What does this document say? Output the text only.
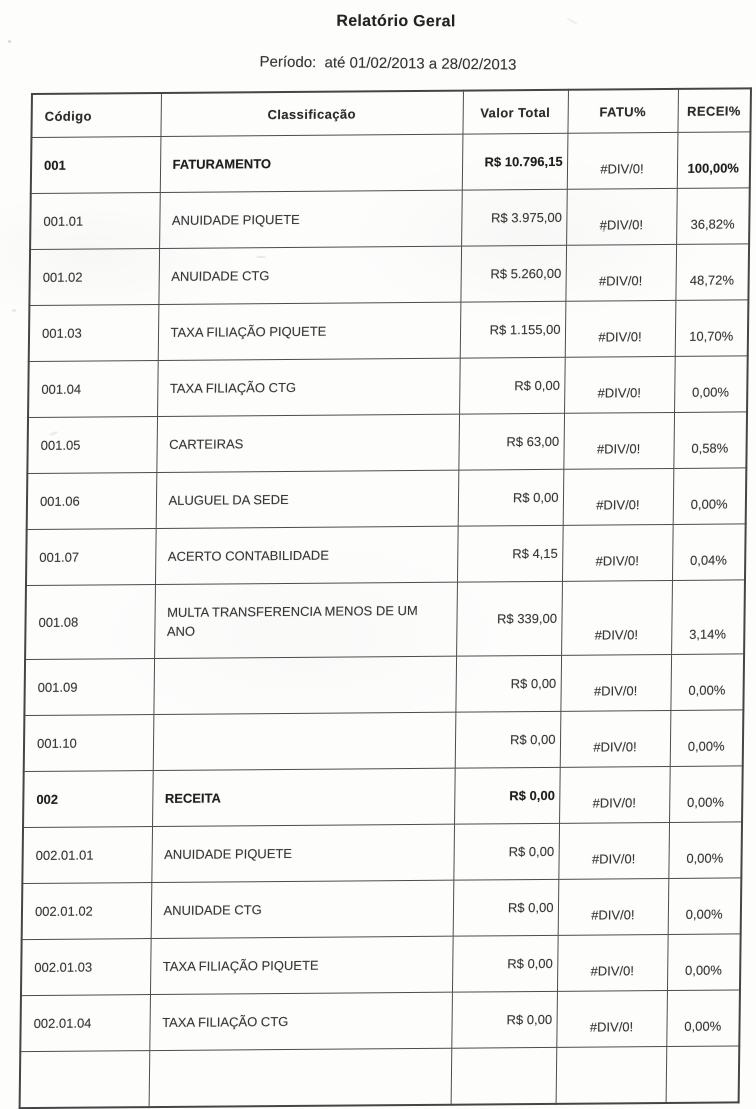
Relatório Geral
Período:  até 01/02/2013 a 28/02/2013
Código	Classificação	Valor Total	FATU%	RECEI%
001	FATURAMENTO	R$ 10.796,15	#DIV/0!	100,00%
001.01	ANUIDADE PIQUETE	R$ 3.975,00	#DIV/0!	36,82%
001.02	ANUIDADE CTG	R$ 5.260,00	#DIV/0!	48,72%
001.03	TAXA FILIAÇÃO PIQUETE	R$ 1.155,00	#DIV/0!	10,70%
001.04	TAXA FILIAÇÃO CTG	R$ 0,00	#DIV/0!	0,00%
001.05	CARTEIRAS	R$ 63,00	#DIV/0!	0,58%
001.06	ALUGUEL DA SEDE	R$ 0,00	#DIV/0!	0,00%
001.07	ACERTO CONTABILIDADE	R$ 4,15	#DIV/0!	0,04%
001.08	MULTA TRANSFERENCIA MENOS DE UM
ANO	R$ 339,00	#DIV/0!	3,14%
001.09		R$ 0,00	#DIV/0!	0,00%
001.10		R$ 0,00	#DIV/0!	0,00%
002	RECEITA	R$ 0,00	#DIV/0!	0,00%
002.01.01	ANUIDADE PIQUETE	R$ 0,00	#DIV/0!	0,00%
002.01.02	ANUIDADE CTG	R$ 0,00	#DIV/0!	0,00%
002.01.03	TAXA FILIAÇÃO PIQUETE	R$ 0,00	#DIV/0!	0,00%
002.01.04	TAXA FILIAÇÃO CTG	R$ 0,00	#DIV/0!	0,00%
